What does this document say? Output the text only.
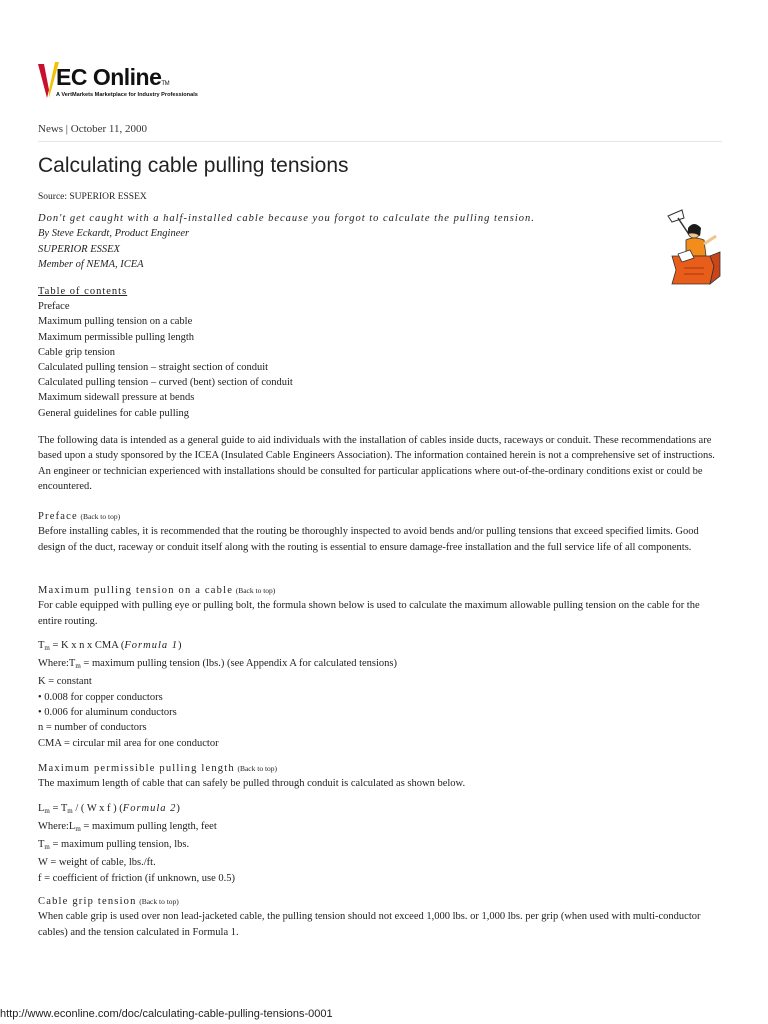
EC OnlineTM
A VertMarkets Marketplace for Industry Professionals
News | October 11, 2000
Calculating cable pulling tensions
Source: SUPERIOR ESSEX
Don't get caught with a half-installed cable because you forgot to calculate the pulling tension.
By Steve Eckardt, Product Engineer
SUPERIOR ESSEX
Member of NEMA, ICEA
Table of contents
Preface
Maximum pulling tension on a cable
Maximum permissible pulling length
Cable grip tension
Calculated pulling tension – straight section of conduit
Calculated pulling tension – curved (bent) section of conduit
Maximum sidewall pressure at bends
General guidelines for cable pulling

The following data is intended as a general guide to aid individuals with the installation of cables inside ducts, raceways or conduit. These recommendations are based upon a study sponsored by the ICEA (Insulated Cable Engineers Association). The information contained herein is not a comprehensive set of instructions. An engineer or technician experienced with installations should be consulted for particular applications where out-of-the-ordinary conditions exist or could be encountered.

Preface (Back to top)

Before installing cables, it is recommended that the routing be thoroughly inspected to avoid bends and/or pulling tensions that exceed specified limits. Good design of the duct, raceway or conduit itself along with the routing is essential to ensure damage-free installation and the full service life of all components.

Maximum pulling tension on a cable (Back to top)

For cable equipped with pulling eye or pulling bolt, the formula shown below is used to calculate the maximum allowable pulling tension on the cable for the entire routing.

$T_m = K$ x n x CMA (Formula 1)

$Where:T_m$ = maximum pulling tension (lbs.) (see Appendix A for calculated tensions)

K = constant

• 0.008 for copper conductors

• 0.006 for aluminum conductors

n = number of conductors

CMA = circular mil area for one conductor

Maximum permissible pulling length (Back to top)

The maximum length of cable that can safely be pulled through conduit is calculated as shown below.

$L_m = T_m$ / ( W x f ) (Formula 2)

$Where:L_m$ = maximum pulling length, feet

$T_m$ = maximum pulling tension, lbs.

W = weight of cable, lbs./ft.

f = coefficient of friction (if unknown, use 0.5)

Cable grip tension (Back to top)

When cable grip is used over non lead-jacketed cable, the pulling tension should not exceed 1,000 lbs. or 1,000 lbs. per grip (when used with multi-conductor cables) and the tension calculated in Formula 1.

http://www.econline.com/doc/calculating-cable-pulling-tensions-0001
